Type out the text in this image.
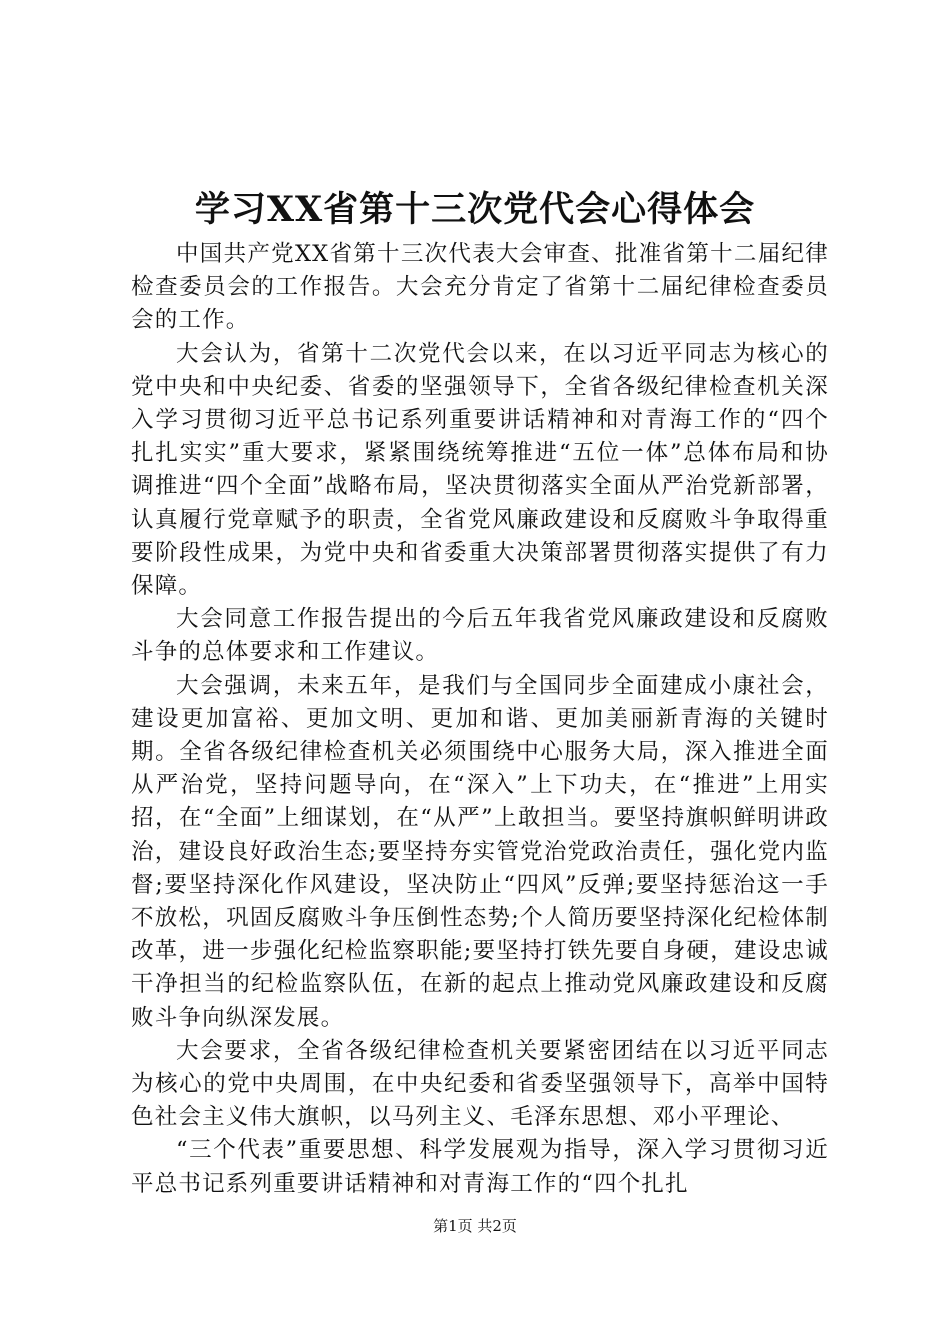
学习XX省第十三次党代会心得体会

中国共产党XX省第十三次代表大会审查、批准省第十二届纪律检查委员会的工作报告。大会充分肯定了省第十二届纪律检查委员会的工作。

大会认为，省第十二次党代会以来，在以习近平同志为核心的党中央和中央纪委、省委的坚强领导下，全省各级纪律检查机关深入学习贯彻习近平总书记系列重要讲话精神和对青海工作的“四个扎扎实实”重大要求，紧紧围绕统筹推进“五位一体”总体布局和协调推进“四个全面”战略布局，坚决贯彻落实全面从严治党新部署，认真履行党章赋予的职责，全省党风廉政建设和反腐败斗争取得重要阶段性成果，为党中央和省委重大决策部署贯彻落实提供了有力保障。

大会同意工作报告提出的今后五年我省党风廉政建设和反腐败斗争的总体要求和工作建议。

大会强调，未来五年，是我们与全国同步全面建成小康社会，建设更加富裕、更加文明、更加和谐、更加美丽新青海的关键时期。全省各级纪律检查机关必须围绕中心服务大局，深入推进全面从严治党，坚持问题导向，在“深入”上下功夫，在“推进”上用实招，在“全面”上细谋划，在“从严”上敢担当。要坚持旗帜鲜明讲政治，建设良好政治生态;要坚持夯实管党治党政治责任，强化党内监督;要坚持深化作风建设，坚决防止“四风”反弹;要坚持惩治这一手不放松，巩固反腐败斗争压倒性态势;个人简历要坚持深化纪检体制改革，进一步强化纪检监察职能;要坚持打铁先要自身硬，建设忠诚干净担当的纪检监察队伍，在新的起点上推动党风廉政建设和反腐败斗争向纵深发展。

大会要求，全省各级纪律检查机关要紧密团结在以习近平同志为核心的党中央周围，在中央纪委和省委坚强领导下，高举中国特色社会主义伟大旗帜，以马列主义、毛泽东思想、邓小平理论、

“三个代表”重要思想、科学发展观为指导，深入学习贯彻习近平总书记系列重要讲话精神和对青海工作的“四个扎扎

第1页 共2页
